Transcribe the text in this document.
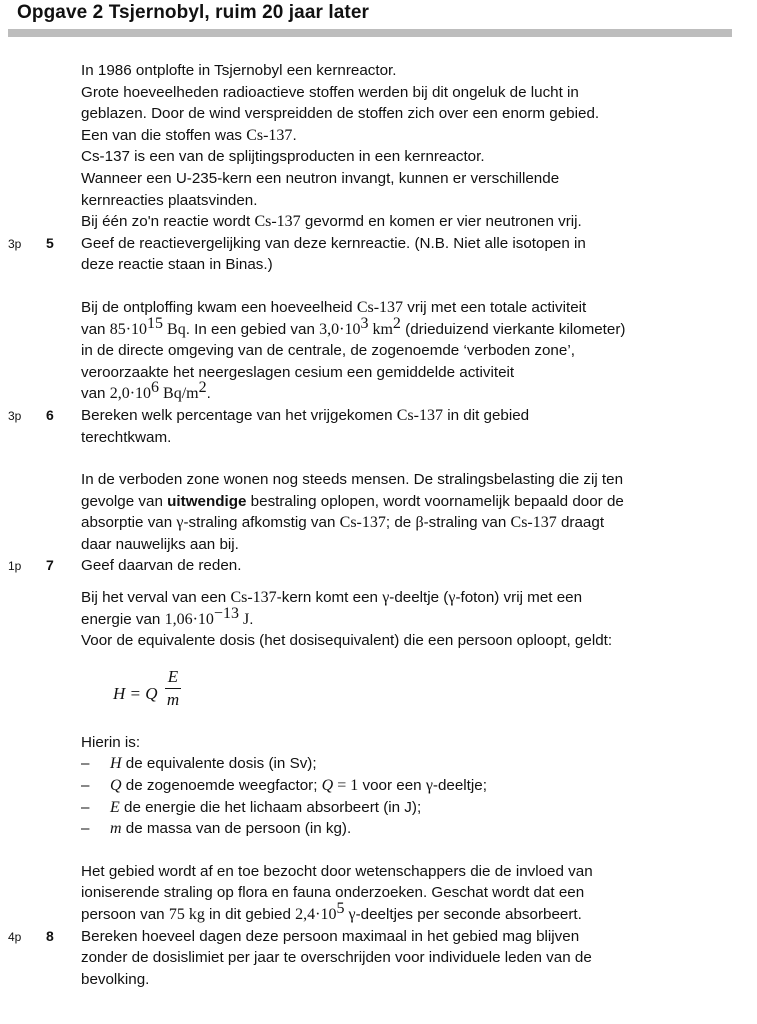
Opgave 2 Tsjernobyl, ruim 20 jaar later

In 1986 ontplofte in Tsjernobyl een kernreactor.

Grote hoeveelheden radioactieve stoffen werden bij dit ongeluk de lucht in

geblazen. Door de wind verspreidden de stoffen zich over een enorm gebied.

Een van die stoffen was Cs-137.

Cs-137 is een van de splijtingsproducten in een kernreactor.

Wanneer een U-235-kern een neutron invangt, kunnen er verschillende

kernreacties plaatsvinden.

Bij één zo'n reactie wordt Cs-137 gevormd en komen er vier neutronen vrij.

3p 5 Geef de reactievergelijking van deze kernreactie. (N.B. Niet alle isotopen in

deze reactie staan in Binas.)

Bij de ontploffing kwam een hoeveelheid Cs-137 vrij met een totale activiteit

van $85\cdot 10^{15}$ Bq. In een gebied van $3,0\cdot 10^3$ $km^2$ (drieduizend vierkante kilometer)

in de directe omgeving van de centrale, de zogenoemde ‘verboden zone’,

veroorzaakte het neergeslagen cesium een gemiddelde activiteit

van $2,0\cdot 10^6$ $Bq/m^2$.

3p 6 Bereken welk percentage van het vrijgekomen Cs-137 in dit gebied

terechtkwam.

In de verboden zone wonen nog steeds mensen. De stralingsbelasting die zij ten

gevolge van uitwendige bestraling oplopen, wordt voornamelijk bepaald door de

absorptie van γ-straling afkomstig van Cs-137; de β-straling van Cs-137 draagt

daar nauwelijks aan bij.

1p 7 Geef daarvan de reden.

Bij het verval van een Cs-137-kern komt een γ-deeltje (γ-foton) vrij met een

energie van $1,06\cdot 10^{-13}$ J.

Voor de equivalente dosis (het dosisequivalent) die een persoon oploopt, geldt:

H = Q
E
m

Hierin is:

– H de equivalente dosis (in Sv);
– Q de zogenoemde weegfactor; Q = 1 voor een γ-deeltje;
– E de energie die het lichaam absorbeert (in J);
– m de massa van de persoon (in kg).

Het gebied wordt af en toe bezocht door wetenschappers die de invloed van

ioniserende straling op flora en fauna onderzoeken. Geschat wordt dat een

persoon van 75 kg in dit gebied $2,4\cdot 10^5$ γ-deeltjes per seconde absorbeert.

4p 8 Bereken hoeveel dagen deze persoon maximaal in het gebied mag blijven

zonder de dosislimiet per jaar te overschrijden voor individuele leden van de

bevolking.
